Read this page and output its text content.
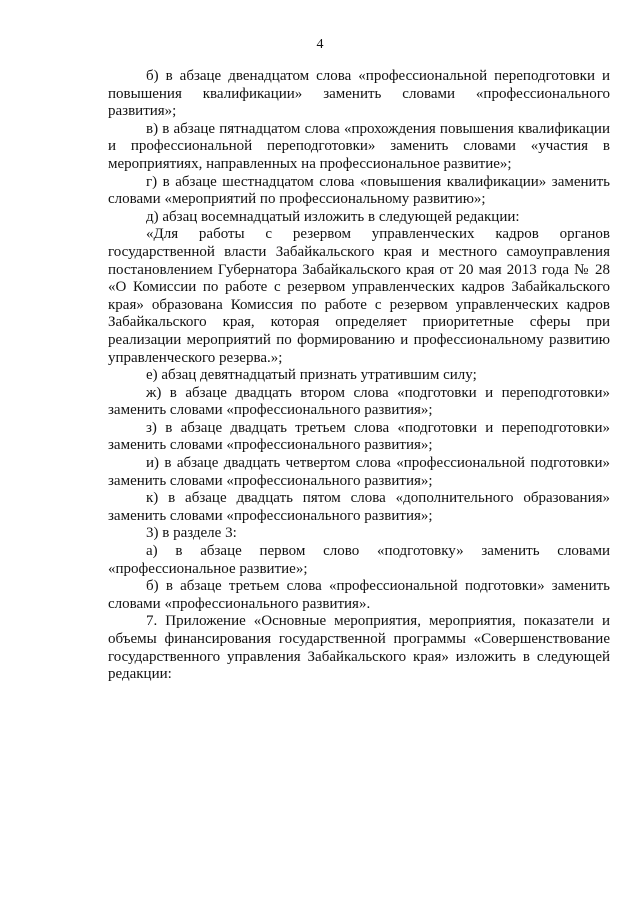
4

б) в абзаце двенадцатом слова «профессиональной переподготовки и повышения квалификации» заменить словами «профессионального развития»;

в) в абзаце пятнадцатом слова «прохождения повышения квалификации и профессиональной переподготовки» заменить словами «участия в мероприятиях, направленных на профессиональное развитие»;

г) в абзаце шестнадцатом слова «повышения квалификации» заменить словами «мероприятий по профессиональному развитию»;

д) абзац восемнадцатый изложить в следующей редакции:

«Для работы с резервом управленческих кадров органов государственной власти Забайкальского края и местного самоуправления постановлением Губернатора Забайкальского края от 20 мая 2013 года № 28 «О Комиссии по работе с резервом управленческих кадров Забайкальского края» образована Комиссия по работе с резервом управленческих кадров Забайкальского края, которая определяет приоритетные сферы при реализации мероприятий по формированию и профессиональному развитию управленческого резерва.»;

е) абзац девятнадцатый признать утратившим силу;

ж) в абзаце двадцать втором слова «подготовки и переподготовки» заменить словами «профессионального развития»;

з) в абзаце двадцать третьем слова «подготовки и переподготовки» заменить словами «профессионального развития»;

и) в абзаце двадцать четвертом слова «профессиональной подготовки» заменить словами «профессионального развития»;

к) в абзаце двадцать пятом слова «дополнительного образования» заменить словами «профессионального развития»;

3) в разделе 3:

а) в абзаце первом слово «подготовку» заменить словами «профессиональное развитие»;

б) в абзаце третьем слова «профессиональной подготовки» заменить словами «профессионального развития».

7. Приложение «Основные мероприятия, мероприятия, показатели и объемы финансирования государственной программы «Совершенствование государственного управления Забайкальского края» изложить в следующей редакции:
